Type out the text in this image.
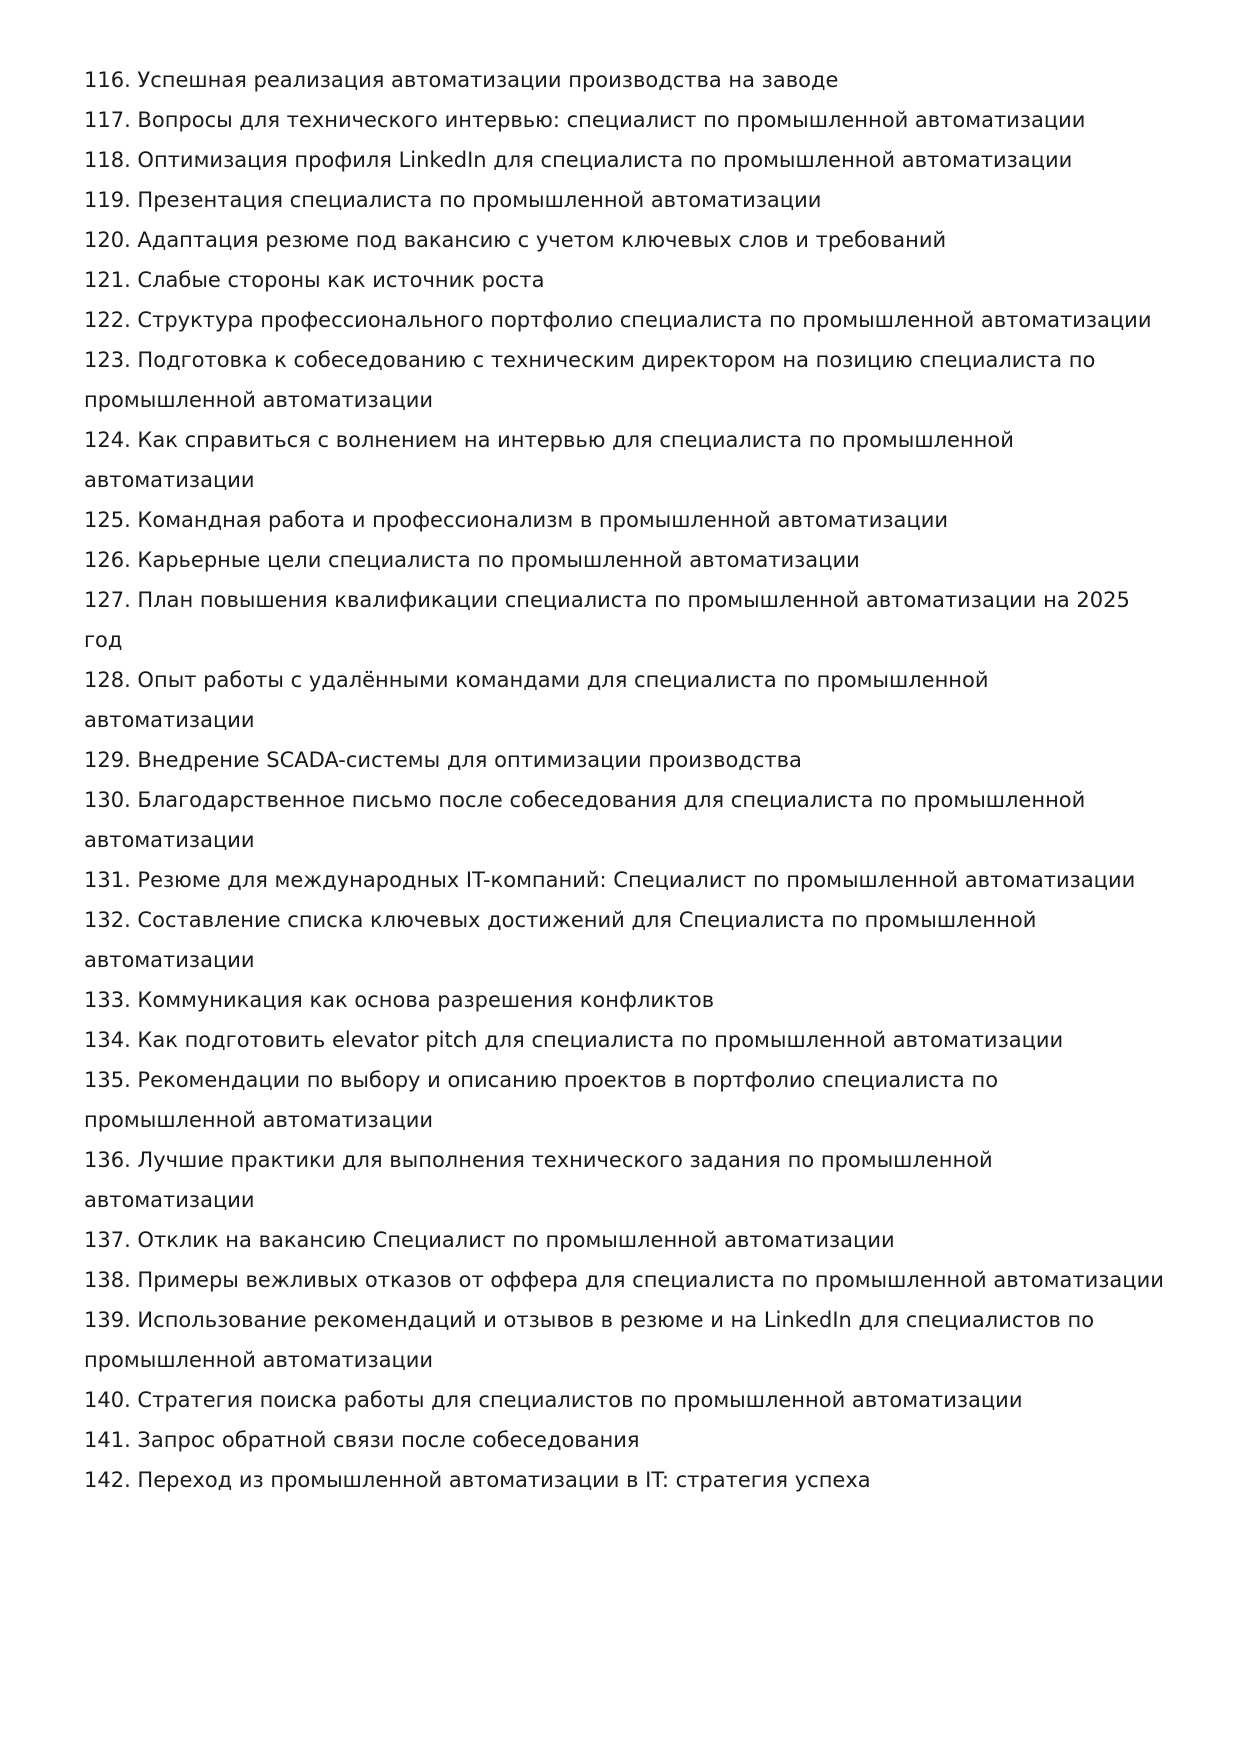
116. Успешная реализация автоматизации производства на заводе
117. Вопросы для технического интервью: специалист по промышленной автоматизации
118. Оптимизация профиля LinkedIn для специалиста по промышленной автоматизации
119. Презентация специалиста по промышленной автоматизации
120. Адаптация резюме под вакансию с учетом ключевых слов и требований
121. Слабые стороны как источник роста
122. Структура профессионального портфолио специалиста по промышленной автоматизации
123. Подготовка к собеседованию с техническим директором на позицию специалиста по промышленной автоматизации
124. Как справиться с волнением на интервью для специалиста по промышленной автоматизации
125. Командная работа и профессионализм в промышленной автоматизации
126. Карьерные цели специалиста по промышленной автоматизации
127. План повышения квалификации специалиста по промышленной автоматизации на 2025 год
128. Опыт работы с удалёнными командами для специалиста по промышленной автоматизации
129. Внедрение SCADA-системы для оптимизации производства
130. Благодарственное письмо после собеседования для специалиста по промышленной автоматизации
131. Резюме для международных IT-компаний: Специалист по промышленной автоматизации
132. Составление списка ключевых достижений для Специалиста по промышленной автоматизации
133. Коммуникация как основа разрешения конфликтов
134. Как подготовить elevator pitch для специалиста по промышленной автоматизации
135. Рекомендации по выбору и описанию проектов в портфолио специалиста по промышленной автоматизации
136. Лучшие практики для выполнения технического задания по промышленной автоматизации
137. Отклик на вакансию Специалист по промышленной автоматизации
138. Примеры вежливых отказов от оффера для специалиста по промышленной автоматизации
139. Использование рекомендаций и отзывов в резюме и на LinkedIn для специалистов по промышленной автоматизации
140. Стратегия поиска работы для специалистов по промышленной автоматизации
141. Запрос обратной связи после собеседования
142. Переход из промышленной автоматизации в IT: стратегия успеха
